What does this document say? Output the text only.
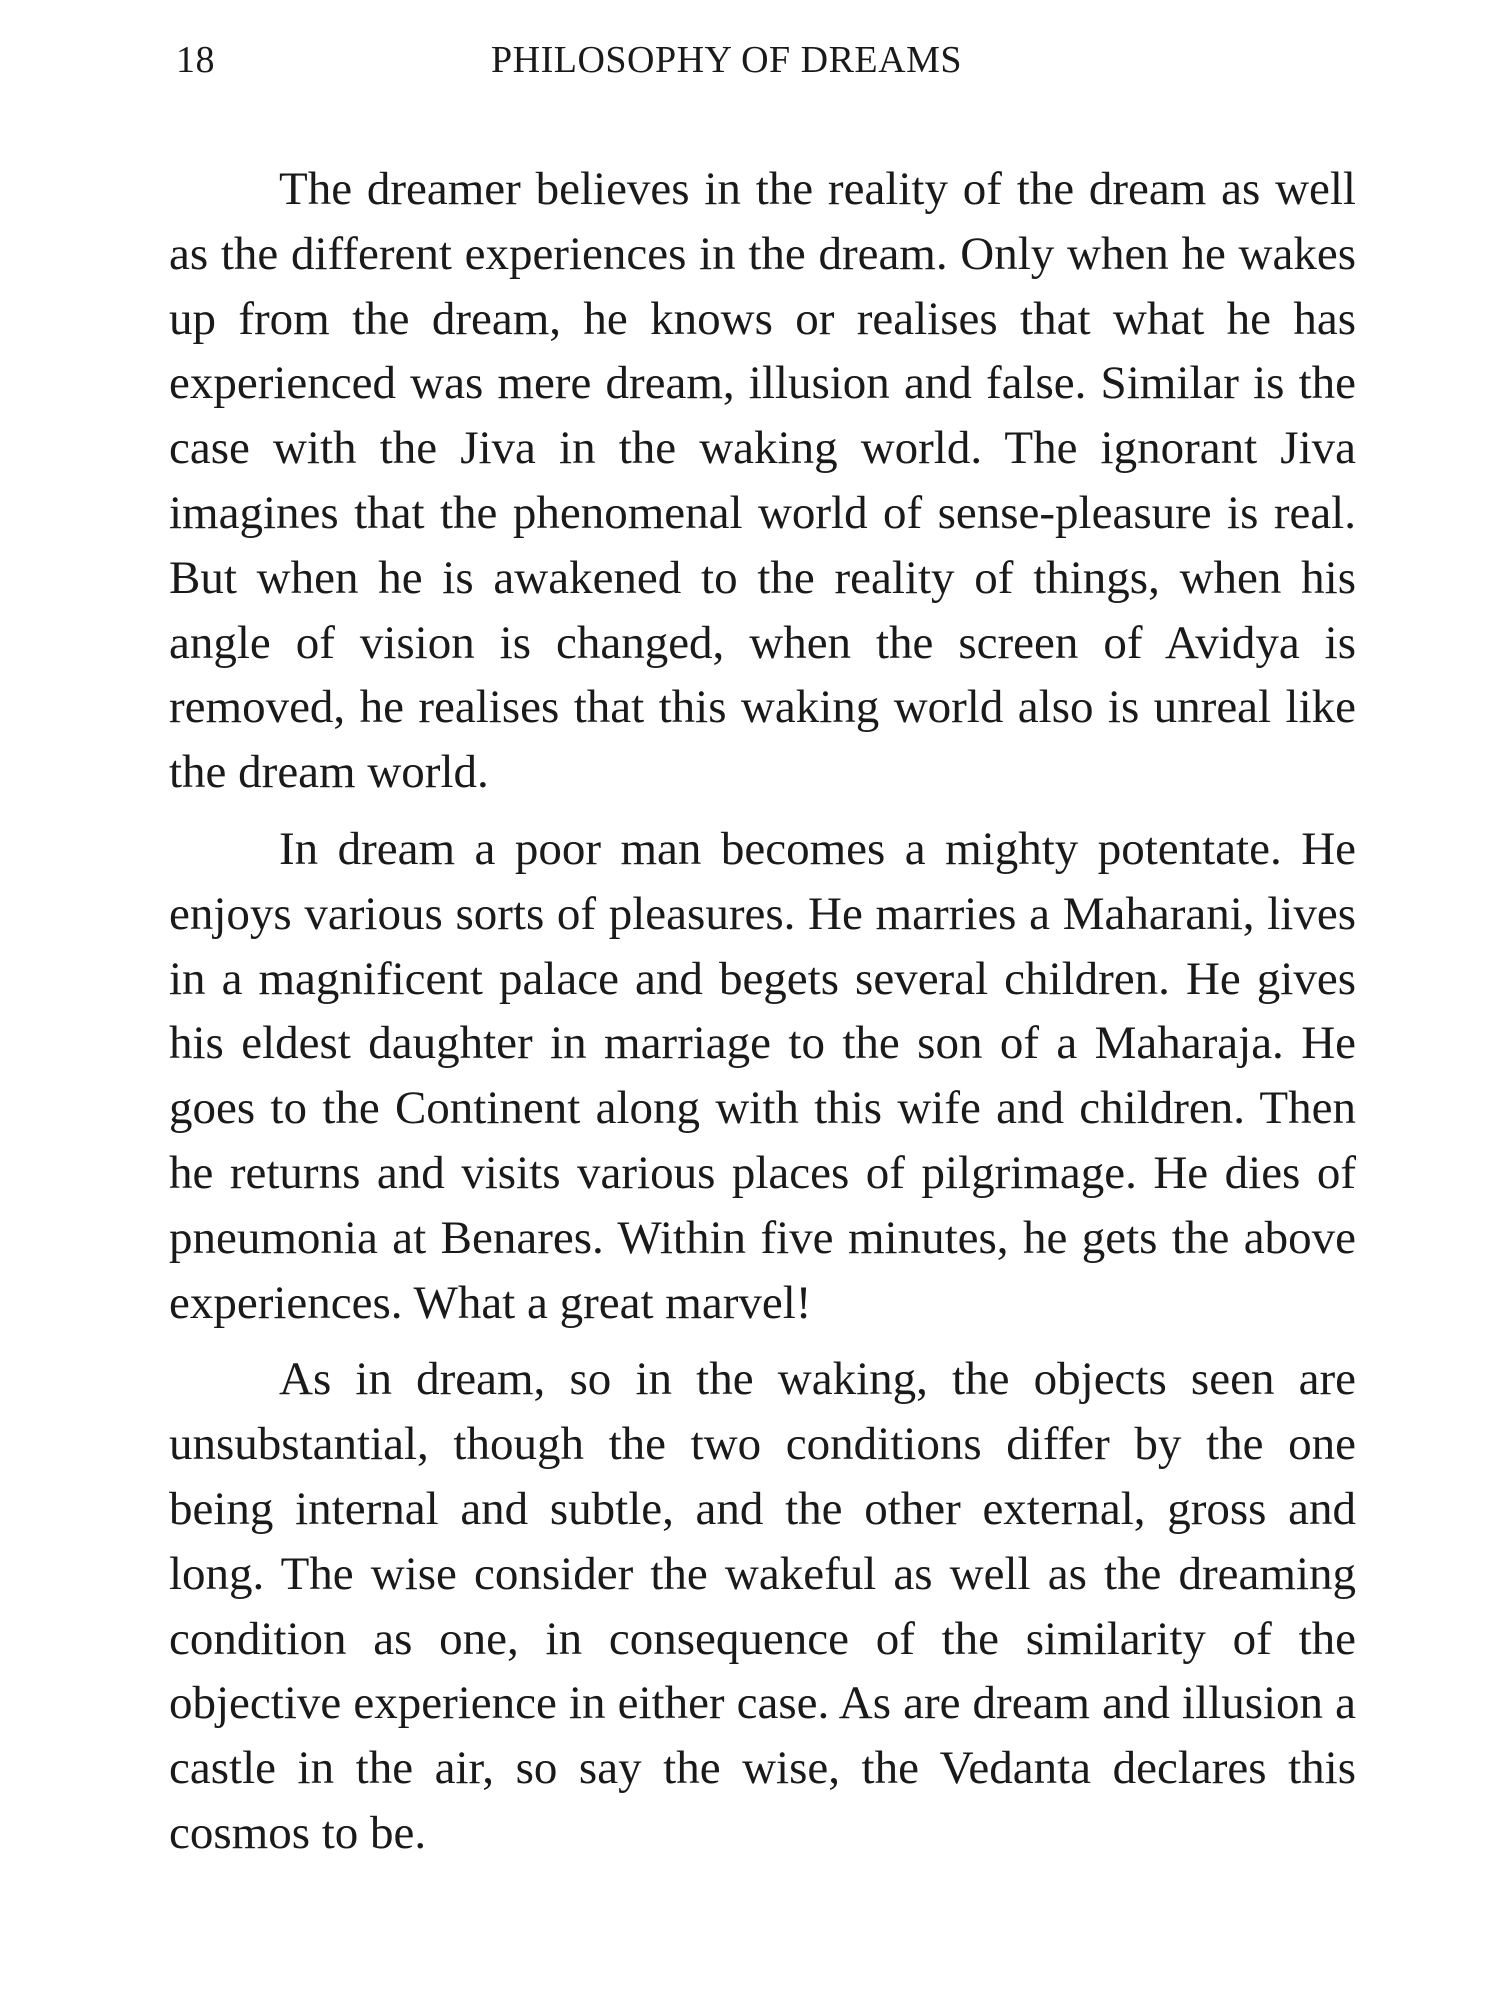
18	PHILOSOPHY OF DREAMS

The dreamer believes in the reality of the dream as well as the different experiences in the dream. Only when he wakes up from the dream, he knows or realises that what he has experienced was mere dream, illusion and false. Similar is the case with the Jiva in the waking world. The ignorant Jiva imagines that the phenomenal world of sense-pleasure is real. But when he is awakened to the reality of things, when his angle of vision is changed, when the screen of Avidya is removed, he realises that this waking world also is unreal like the dream world.

In dream a poor man becomes a mighty potentate. He enjoys various sorts of pleasures. He marries a Maharani, lives in a magnificent palace and begets several children. He gives his eldest daughter in marriage to the son of a Maharaja. He goes to the Continent along with this wife and children. Then he returns and visits various places of pilgrimage. He dies of pneumonia at Benares. Within five minutes, he gets the above experiences. What a great marvel!

As in dream, so in the waking, the objects seen are unsubstantial, though the two conditions differ by the one being internal and subtle, and the other external, gross and long. The wise consider the wakeful as well as the dreaming condition as one, in consequence of the similarity of the objective experience in either case. As are dream and illusion a castle in the air, so say the wise, the Vedanta declares this cosmos to be.
